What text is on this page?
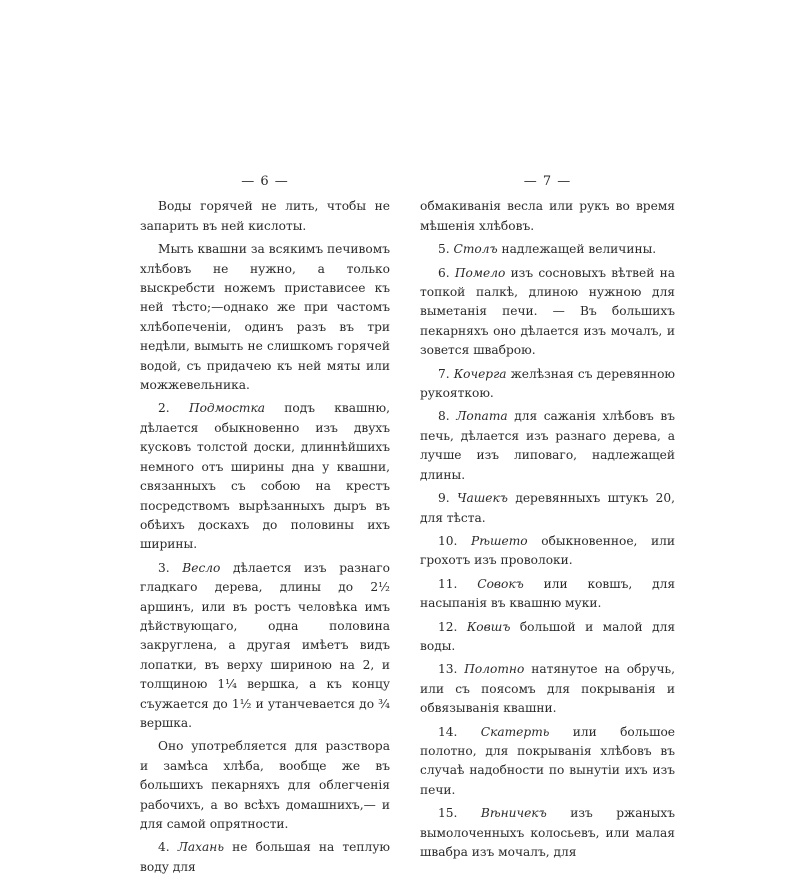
— 6 —

Воды горячей не лить, чтобы не запарить въ ней кислоты.

Мыть квашни за всякимъ печивомъ хлѣбовъ не нужно, а только выскребсти ножемъ пристависее къ ней тѣсто;—однако же при частомъ хлѣбопеченіи, одинъ разъ въ три недѣли, вымыть не слишкомъ горячей водой, съ придачею къ ней мяты или можжевельника.

2. Подмостка подъ квашню, дѣлается обыкновенно изъ двухъ кусковъ толстой доски, длиннѣйшихъ немного отъ ширины дна у квашни, связанныхъ съ собою на крестъ посредствомъ вырѣзанныхъ дыръ въ обѣихъ доскахъ до половины ихъ ширины.

3. Весло дѣлается изъ разнаго гладкаго дерева, длины до 2½ аршинъ, или въ ростъ человѣка имъ дѣйствующаго, одна половина закруглена, а другая имѣетъ видъ лопатки, въ верху шириною на 2, и толщиною 1¼ вершка, а къ концу съужается до 1½ и утанчевается до ¾ вершка.

Оно употребляется для разствора и замѣса хлѣба, вообще же въ большихъ пекарняхъ для облегченія рабочихъ, а во всѣхъ домашнихъ,— и для самой опрятности.

4. Лахань не большая на теплую воду для

— 7 —

обмакиванія весла или рукъ во время мѣшенія хлѣбовъ.

5. Столъ надлежащей величины.

6. Помело изъ сосновыхъ вѣтвей на топкой палкѣ, длиною нужною для выметанія печи. — Въ большихъ пекарняхъ оно дѣлается изъ мочалъ, и зовется шваброю.

7. Кочерга желѣзная съ деревянною рукояткою.

8. Лопата для сажанія хлѣбовъ въ печь, дѣлается изъ разнаго дерева, а лучше изъ липоваго, надлежащей длины.

9. Чашекъ деревянныхъ штукъ 20, для тѣста.

10. Рѣшето обыкновенное, или грохотъ изъ проволоки.

11. Совокъ или ковшъ, для насыпанія въ квашню муки.

12. Ковшъ большой и малой для воды.

13. Полотно натянутое на обручь, или съ поясомъ для покрыванія и обвязыванія квашни.

14. Скатерть или большое полотно, для покрыванія хлѣбовъ въ случаѣ надобности по вынутіи ихъ изъ печи.

15. Вѣничекъ изъ ржаныхъ вымолоченныхъ колосьевъ, или малая швабра изъ мочалъ, для
